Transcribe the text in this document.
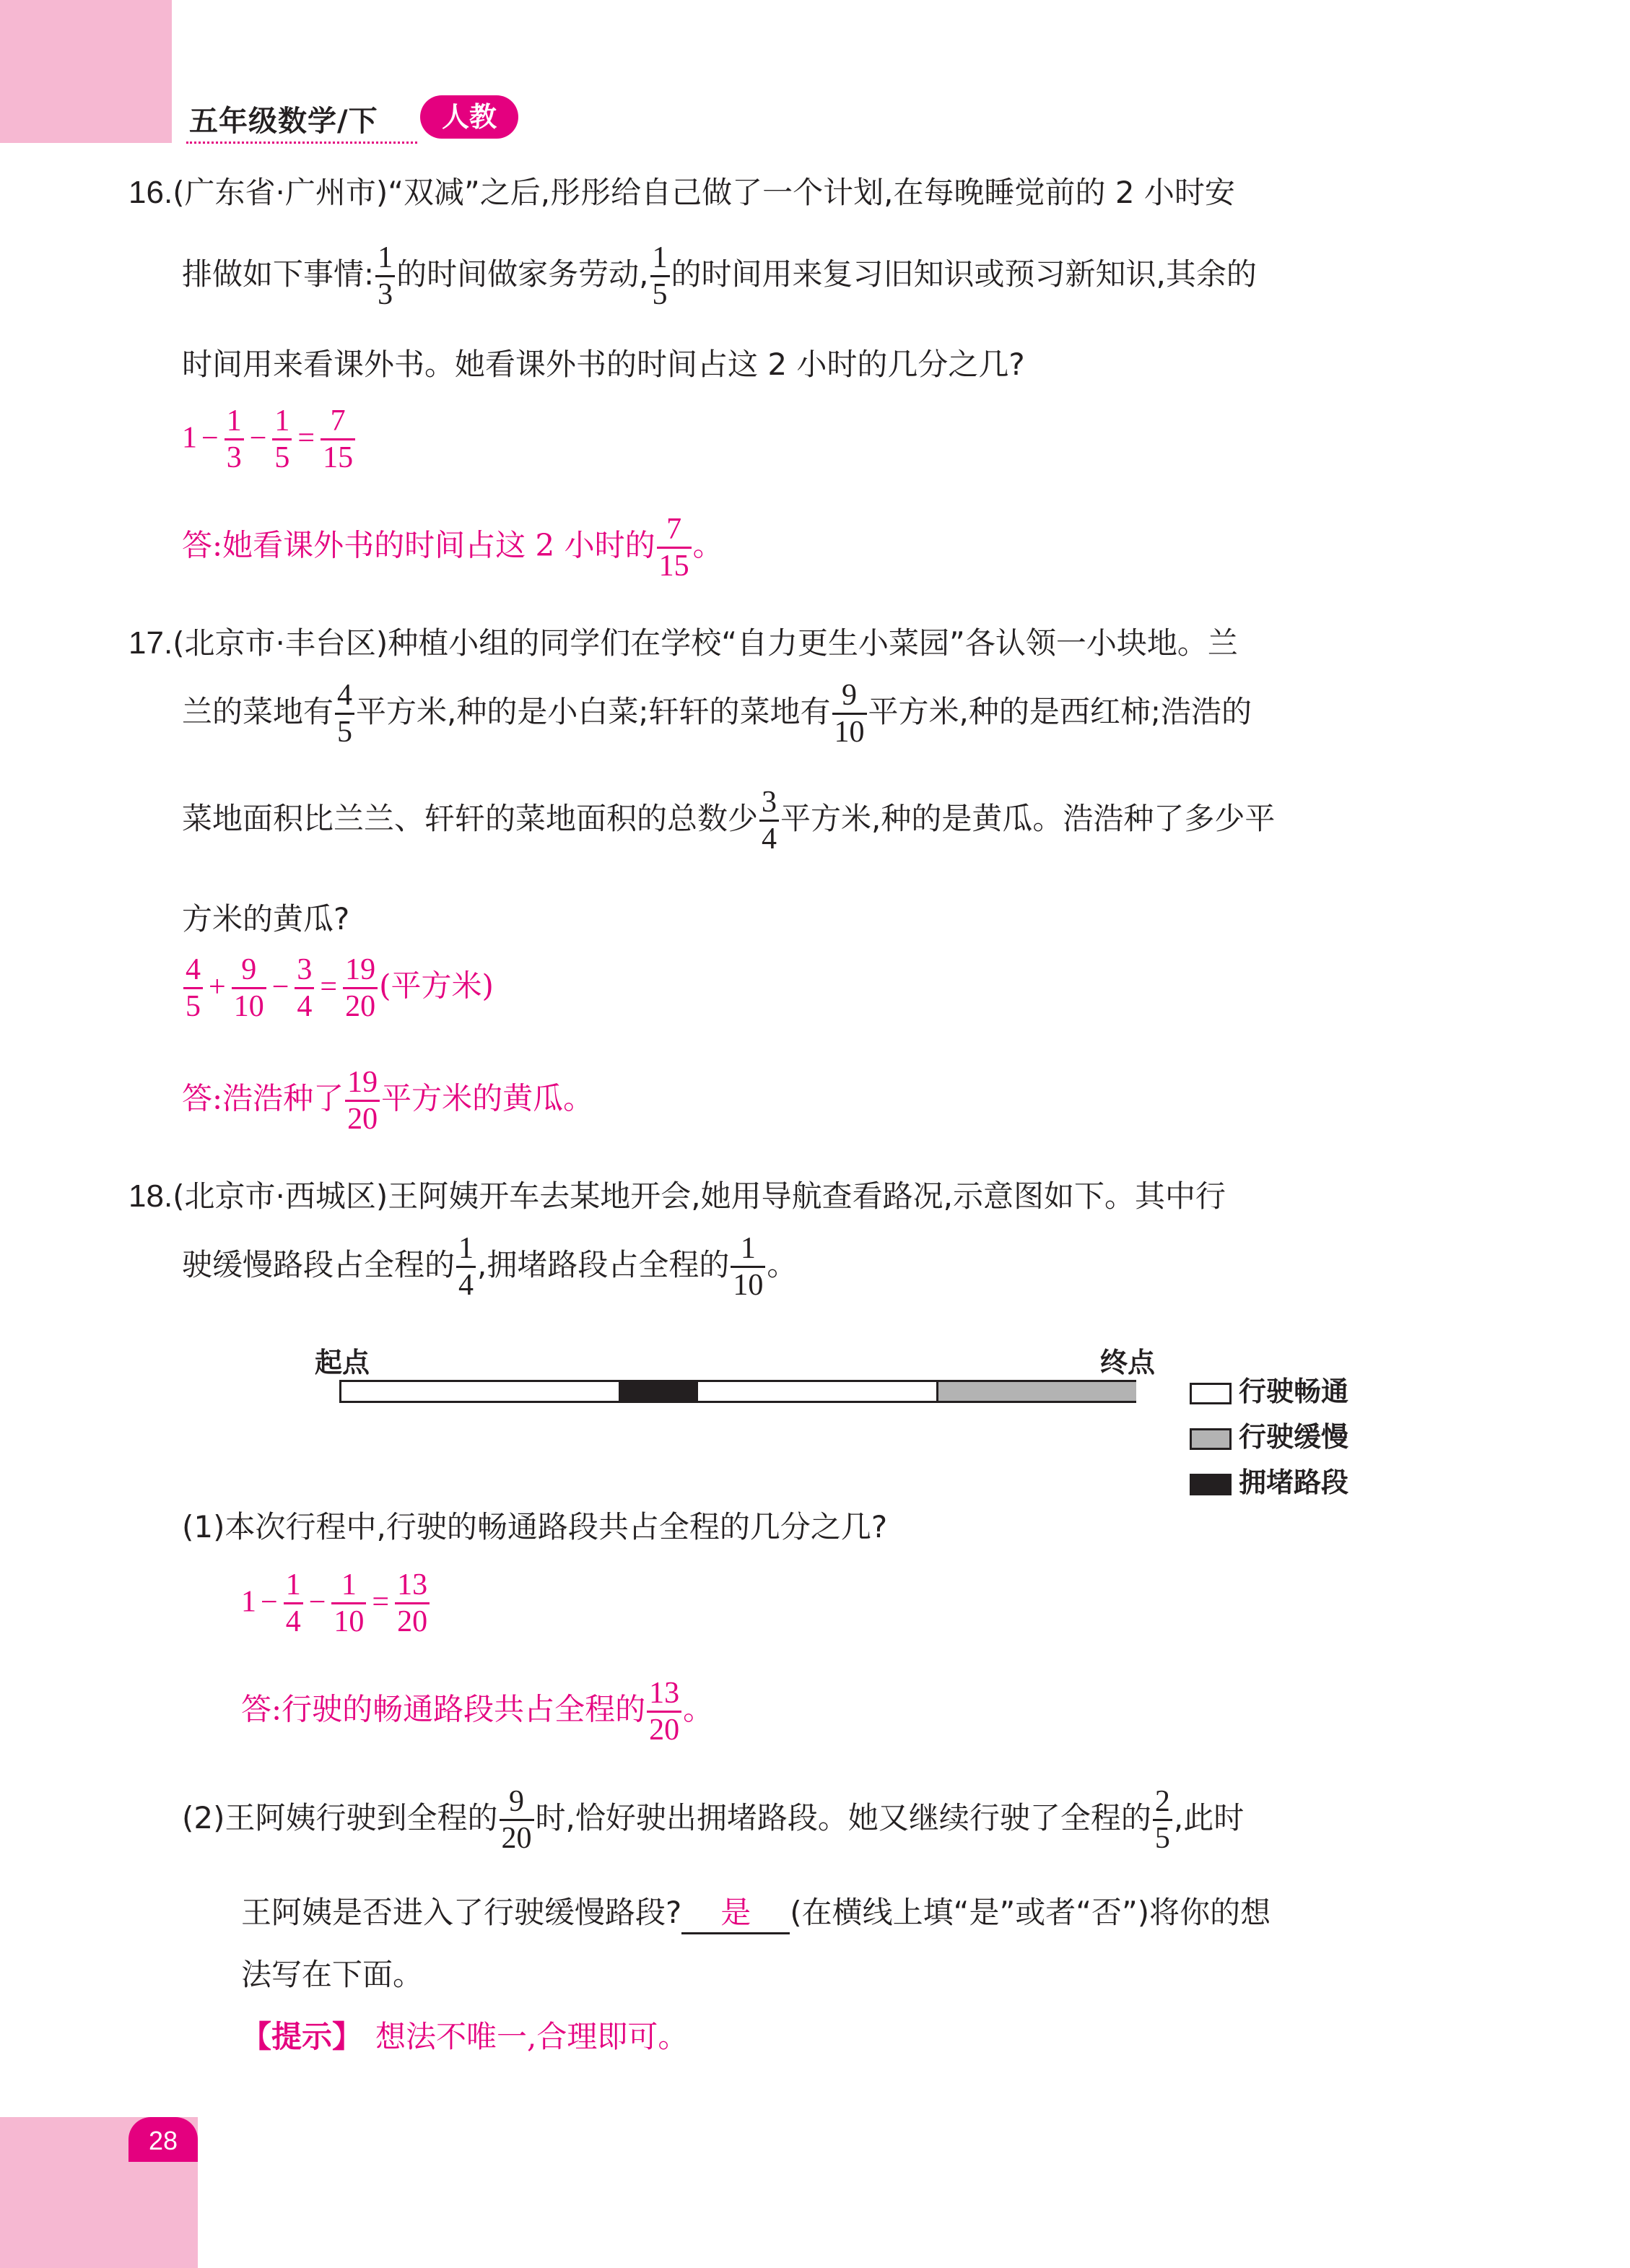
五年级数学/下	人教
16.(广东省·广州市)“双减”之后,彤彤给自己做了一个计划,在每晚睡觉前的 2 小时安
排做如下事情: $\frac{1}{3}$ 的时间做家务劳动, $\frac{1}{5}$ 的时间用来复习旧知识或预习新知识,其余的
时间用来看课外书。她看课外书的时间占这 2 小时的几分之几?
$1 - \frac{1}{3} - \frac{1}{5} = \frac{7}{15}$
答:她看课外书的时间占这 2 小时的 $\frac{7}{15}$ 。
17.(北京市·丰台区)种植小组的同学们在学校“自力更生小菜园”各认领一小块地。兰
兰的菜地有 $\frac{4}{5}$ 平方米,种的是小白菜;轩轩的菜地有 $\frac{9}{10}$ 平方米,种的是西红柿;浩浩的
菜地面积比兰兰、轩轩的菜地面积的总数少 $\frac{3}{4}$ 平方米,种的是黄瓜。浩浩种了多少平
方米的黄瓜?
$\frac{4}{5} + \frac{9}{10} - \frac{3}{4} = \frac{19}{20}$ (平方米)
答:浩浩种了 $\frac{19}{20}$ 平方米的黄瓜。
18.(北京市·西城区)王阿姨开车去某地开会,她用导航查看路况,示意图如下。其中行
驶缓慢路段占全程的 $\frac{1}{4}$ ,拥堵路段占全程的 $\frac{1}{10}$ 。
起点	终点
行驶畅通
行驶缓慢
拥堵路段
(1)本次行程中,行驶的畅通路段共占全程的几分之几?
$1 - \frac{1}{4} - \frac{1}{10} = \frac{13}{20}$
答:行驶的畅通路段共占全程的 $\frac{13}{20}$ 。
(2)王阿姨行驶到全程的 $\frac{9}{20}$ 时,恰好驶出拥堵路段。她又继续行驶了全程的 $\frac{2}{5}$ ,此时
王阿姨是否进入了行驶缓慢路段? 是 (在横线上填“是”或者“否”)将你的想
法写在下面。
【提示】 想法不唯一,合理即可。
28
